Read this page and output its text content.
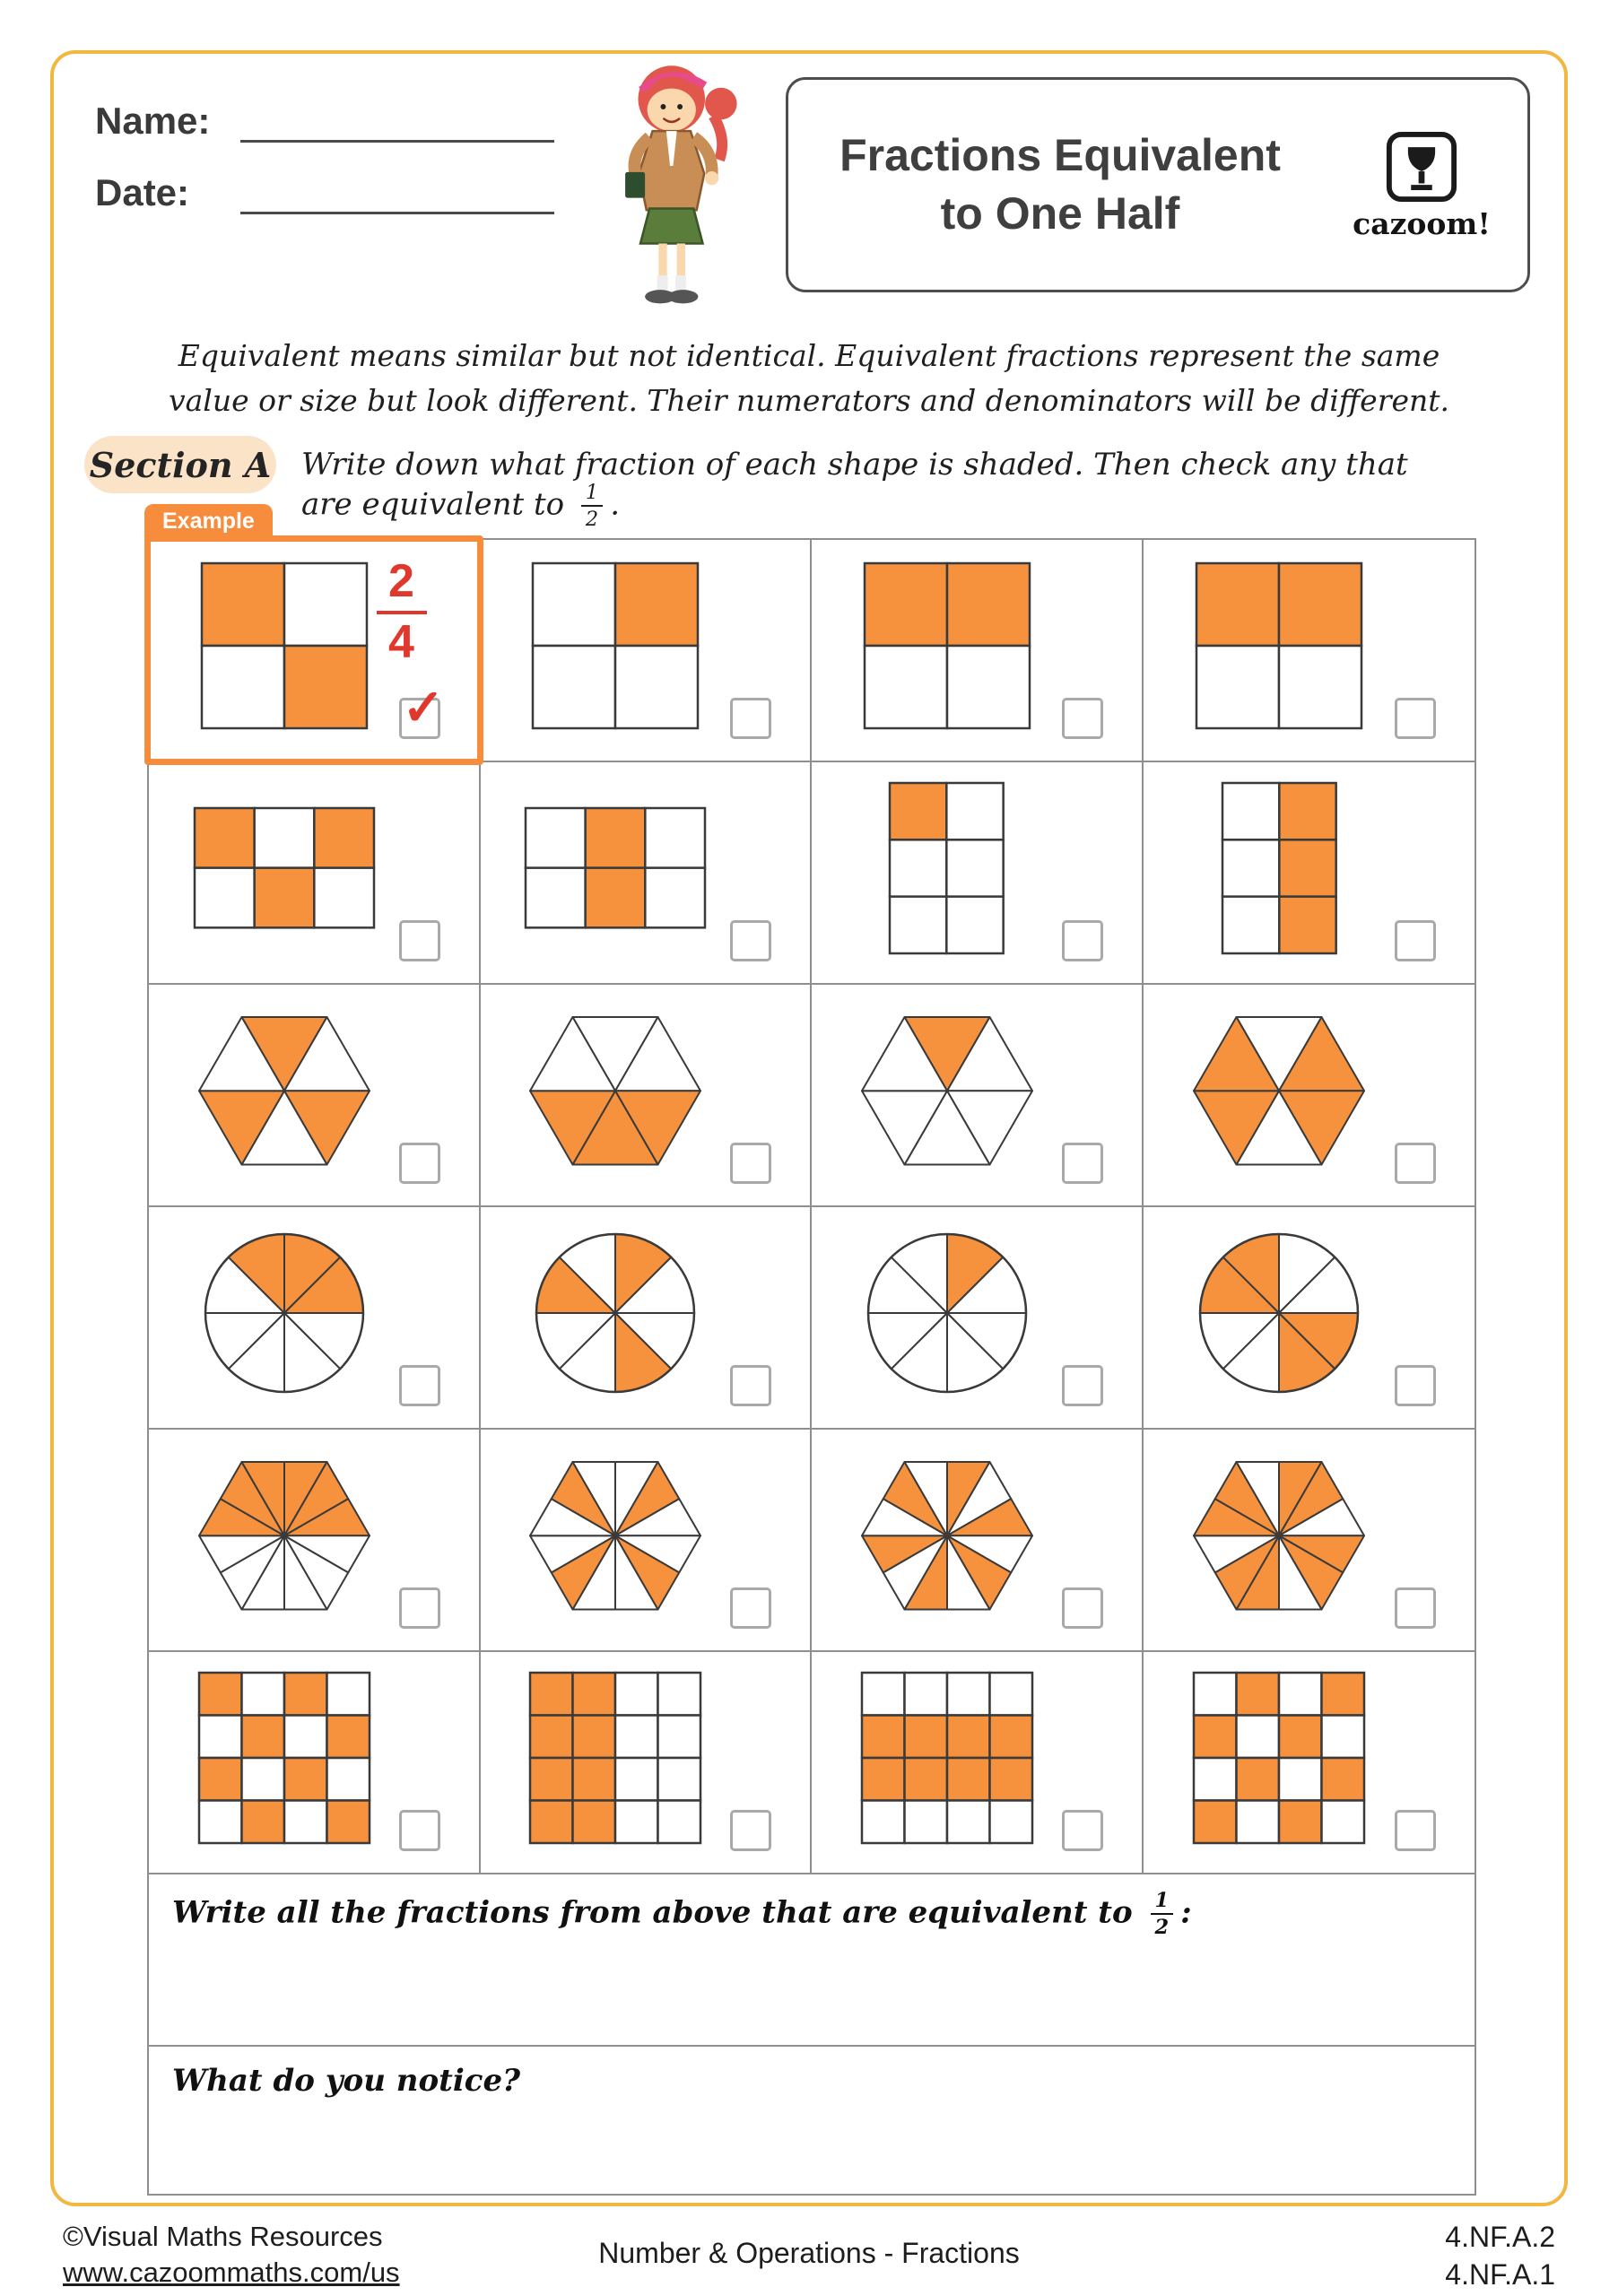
Name:
Date:
Fractions Equivalent
to One Half	cazoom!
Equivalent means similar but not identical. Equivalent fractions represent the same value or size but look different. Their numerators and denominators will be different.
Section A Write down what fraction of each shape is shaded. Then check any that are equivalent to $\frac{1}{2}$ .
Example
$\frac{2}{4}$
✓
Write all the fractions from above that are equivalent to $\frac{1}{2}$ :
What do you notice?
©Visual Maths Resources
www.cazoommaths.com/us
Number & Operations - Fractions	4.NF.A.2
4.NF.A.1
